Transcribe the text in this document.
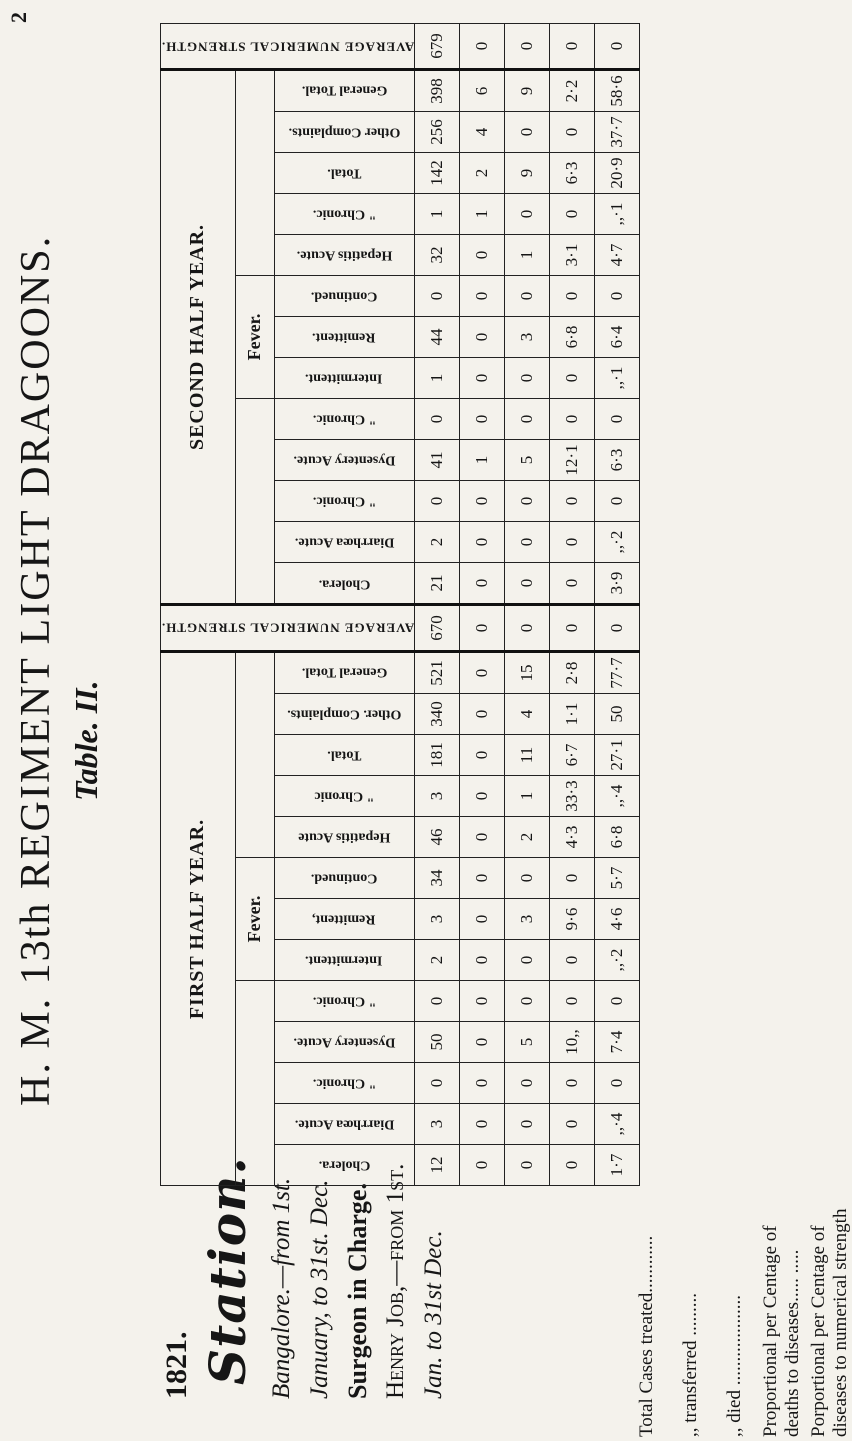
2
H. M. 13th REGIMENT LIGHT DRAGOONS. Table. II.
1821. Station. Bangalore.—from 1st. January, to 31st. Dec. Surgeon in Charge. Henry Job,—from 1st. Jan. to 31st Dec.	Total Cases treated............ ,, transferred ......... ,, died ................... Proportional per Centage of deaths to diseases..... ..... Porportional per Centage of diseases to numerical strength
FIRST HALF YEAR.													AVERAGE NUMERICAL STRENGTH.	SECOND HALF YEAR.													AVERAGE NUMERICAL STRENGTH.
					Fever.														Fever.								
Cholera.	Diarrhœa Acute.	" Chronic.	Dysentery Acute.	" Chronic.	Intermittent.	Remittent,	Continued.	Hepatitis Acute	" Chronic	Total.	Other. Complaints.	General Total.		Cholera.	Diarrhœa Acute.	" Chronic.	Dysentery Acute.	" Chronic.	Intermittent.	Remittent.	Continued.	Hepatitis Acute.	" Chronic.	Total.	Other Complaints.	General Total.	
12	3	0	50	0	2	3	34	46	3	181	340	521	670	21	2	0	41	0	1	44	0	32	1	142	256	398	679
0	0	0	0	0	0	0	0	0	0	0	0	0	0	0	0	0	1	0	0	0	0	0	1	2	4	6	0
0	0	0	5	0	0	3	0	2	1	11	4	15	0	0	0	0	5	0	0	3	0	1	0	9	0	9	0
0	0	0	10,,	0	0	9·6	0	4·3	33·3	6·7	1·1	2·8	0	0	0	0	12·1	0	0	6·8	0	3·1	0	6·3	0	2·2	0
1·7	,,·4	0	7·4	0	,,·2	4·6	5·7	6·8	,,·4	27·1	50	77·7	0	3·9	,,·2	0	6·3	0	,,·1	6·4	0	4·7	,,·1	20·9	37·7	58·6	0
